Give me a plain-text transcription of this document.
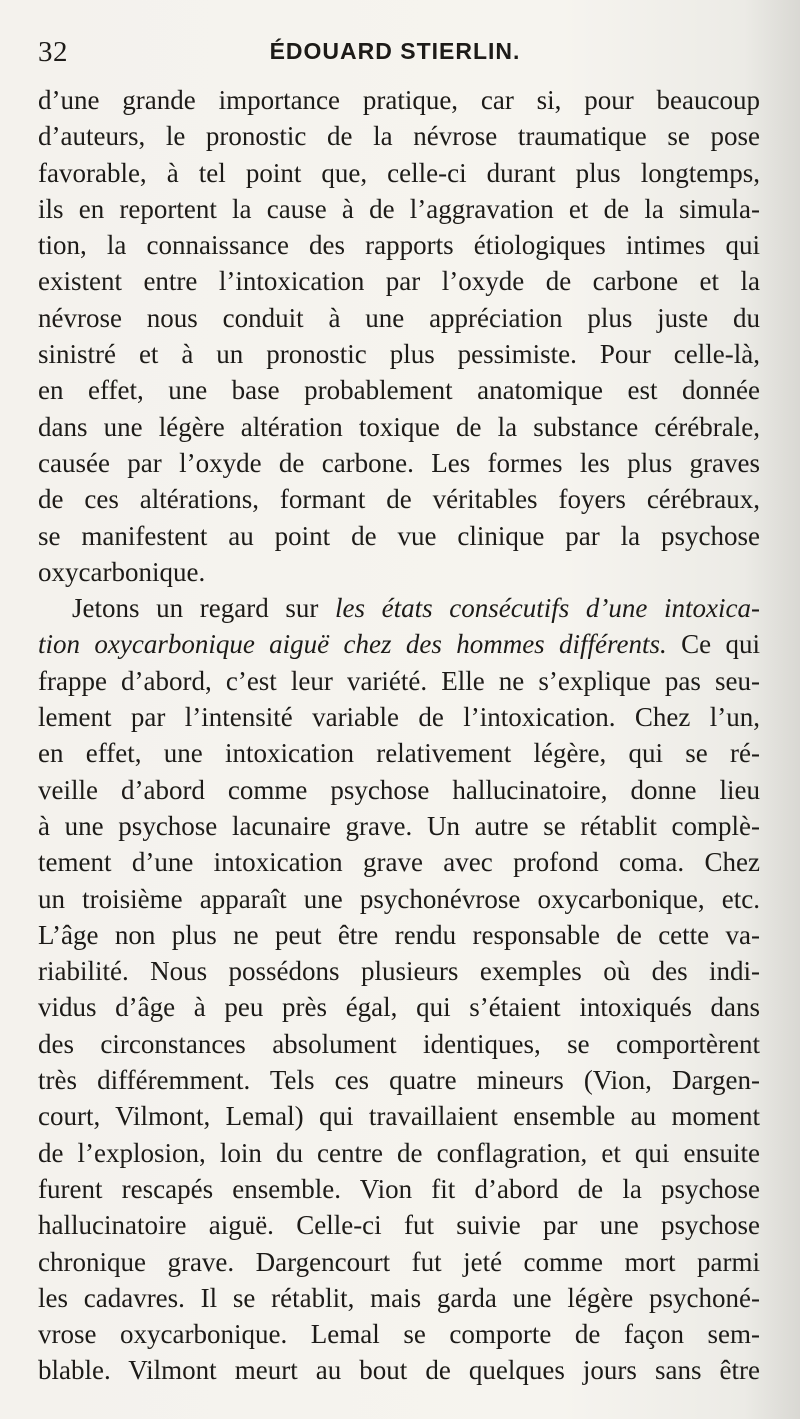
32	ÉDOUARD STIERLIN.
d’une grande importance pratique, car si, pour beaucoup
d’auteurs, le pronostic de la névrose traumatique se pose
favorable, à tel point que, celle-ci durant plus longtemps,
ils en reportent la cause à de l’aggravation et de la simula-
tion, la connaissance des rapports étiologiques intimes qui
existent entre l’intoxication par l’oxyde de carbone et la
névrose nous conduit à une appréciation plus juste du
sinistré et à un pronostic plus pessimiste. Pour celle-là,
en effet, une base probablement anatomique est donnée
dans une légère altération toxique de la substance cérébrale,
causée par l’oxyde de carbone. Les formes les plus graves
de ces altérations, formant de véritables foyers cérébraux,
se manifestent au point de vue clinique par la psychose
oxycarbonique.
Jetons un regard sur les états consécutifs d’une intoxica-
tion oxycarbonique aiguë chez des hommes différents. Ce qui
frappe d’abord, c’est leur variété. Elle ne s’explique pas seu-
lement par l’intensité variable de l’intoxication. Chez l’un,
en effet, une intoxication relativement légère, qui se ré-
veille d’abord comme psychose hallucinatoire, donne lieu
à une psychose lacunaire grave. Un autre se rétablit complè-
tement d’une intoxication grave avec profond coma. Chez
un troisième apparaît une psychonévrose oxycarbonique, etc.
L’âge non plus ne peut être rendu responsable de cette va-
riabilité. Nous possédons plusieurs exemples où des indi-
vidus d’âge à peu près égal, qui s’étaient intoxiqués dans
des circonstances absolument identiques, se comportèrent
très différemment. Tels ces quatre mineurs (Vion, Dargen-
court, Vilmont, Lemal) qui travaillaient ensemble au moment
de l’explosion, loin du centre de conflagration, et qui ensuite
furent rescapés ensemble. Vion fit d’abord de la psychose
hallucinatoire aiguë. Celle-ci fut suivie par une psychose
chronique grave. Dargencourt fut jeté comme mort parmi
les cadavres. Il se rétablit, mais garda une légère psychoné-
vrose oxycarbonique. Lemal se comporte de façon sem-
blable. Vilmont meurt au bout de quelques jours sans être
